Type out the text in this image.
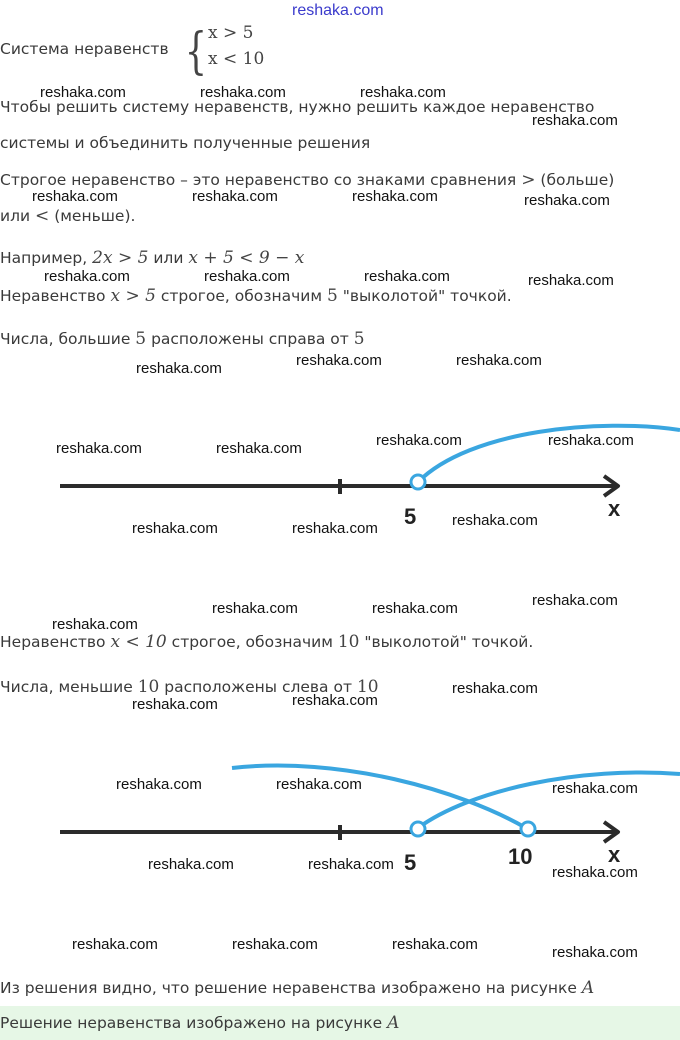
reshaka.com
Система неравенств { x > 5
x < 10
Чтобы решить систему неравенств, нужно решить каждое неравенство
системы и объединить полученные решения
Строгое неравенство – это неравенство со знаками сравнения > (больше)
или < (меньше).
Например, 2x > 5 или x + 5 < 9 − x
Неравенство x > 5 строгое, обозначим 5 "выколотой" точкой.
Числа, большие 5 расположены справа от 5
5	x
Неравенство x < 10 строгое, обозначим 10 "выколотой" точкой.
Числа, меньшие 10 расположены слева от 10
5	10	x
Из решения видно, что решение неравенства изображено на рисунке A
Решение неравенства изображено на рисунке A
reshaka.com	reshaka.com	reshaka.com
reshaka.com
reshaka.com	reshaka.com	reshaka.com	reshaka.com
reshaka.com	reshaka.com	reshaka.com	reshaka.com
reshaka.com	reshaka.com
reshaka.com
reshaka.com	reshaka.com
reshaka.com	reshaka.com
reshaka.com
reshaka.com	reshaka.com
reshaka.com
reshaka.com	reshaka.com
reshaka.com
reshaka.com
reshaka.com
reshaka.com
reshaka.com	reshaka.com	reshaka.com
reshaka.com	reshaka.com	reshaka.com
reshaka.com	reshaka.com	reshaka.com	reshaka.com
